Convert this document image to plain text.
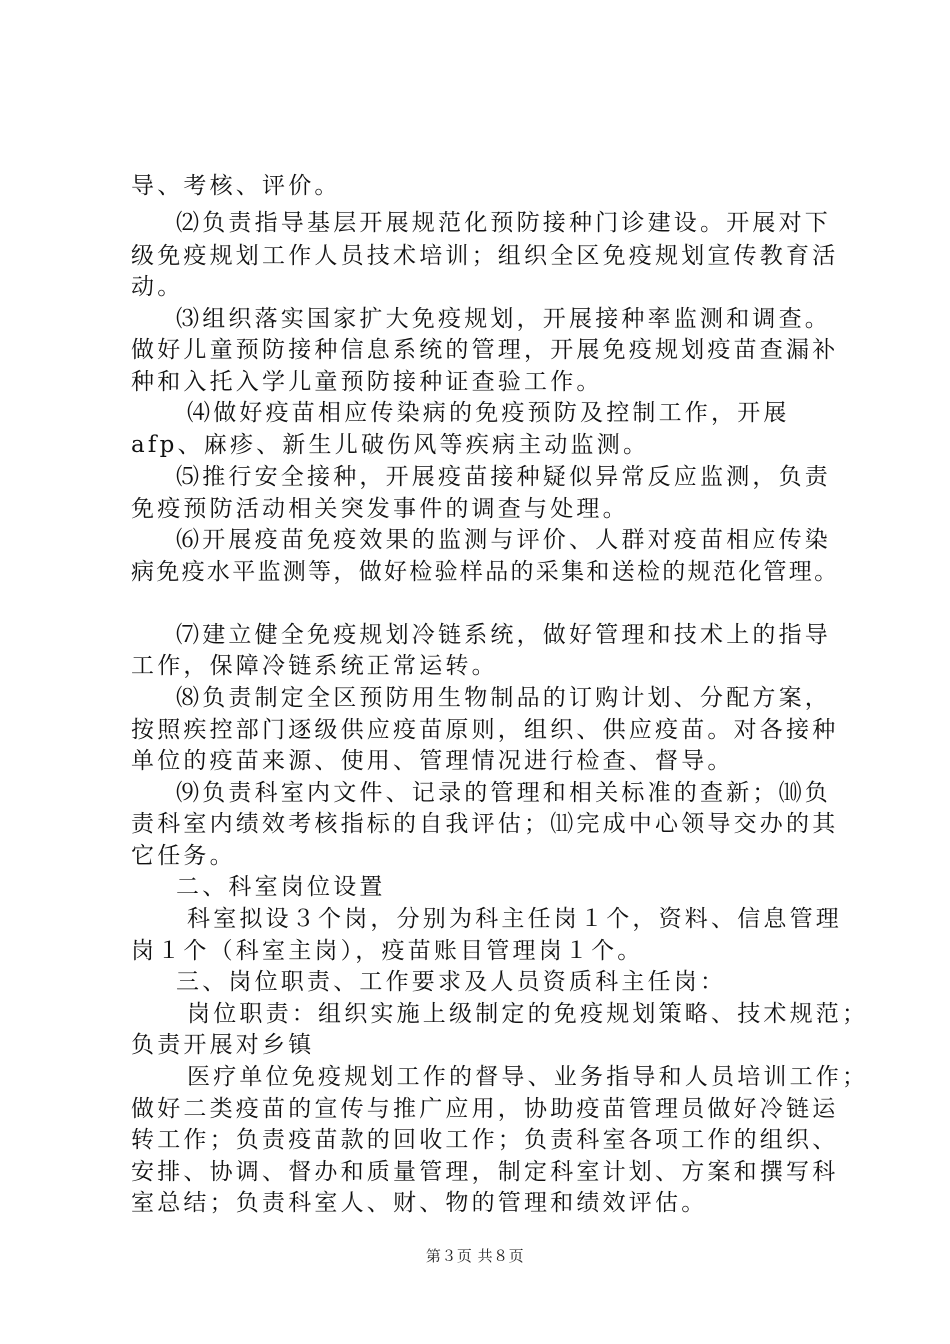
导、考核、评价。
⑵负责指导基层开展规范化预防接种门诊建设。开展对下
级免疫规划工作人员技术培训；组织全区免疫规划宣传教育活
动。
⑶组织落实国家扩大免疫规划，开展接种率监测和调查。
做好儿童预防接种信息系统的管理，开展免疫规划疫苗查漏补
种和入托入学儿童预防接种证查验工作。
⑷做好疫苗相应传染病的免疫预防及控制工作，开展
afp、麻疹、新生儿破伤风等疾病主动监测。
⑸推行安全接种，开展疫苗接种疑似异常反应监测，负责
免疫预防活动相关突发事件的调查与处理。
⑹开展疫苗免疫效果的监测与评价、人群对疫苗相应传染
病免疫水平监测等，做好检验样品的采集和送检的规范化管理。
⑺建立健全免疫规划冷链系统，做好管理和技术上的指导
工作，保障冷链系统正常运转。
⑻负责制定全区预防用生物制品的订购计划、分配方案，
按照疾控部门逐级供应疫苗原则，组织、供应疫苗。对各接种
单位的疫苗来源、使用、管理情况进行检查、督导。
⑼负责科室内文件、记录的管理和相关标准的查新；⑽负
责科室内绩效考核指标的自我评估；⑾完成中心领导交办的其
它任务。
二、科室岗位设置
科室拟设３个岗，分别为科主任岗１个，资料、信息管理
岗１个（科室主岗），疫苗账目管理岗１个。
三、岗位职责、工作要求及人员资质科主任岗：
岗位职责：组织实施上级制定的免疫规划策略、技术规范；
负责开展对乡镇
医疗单位免疫规划工作的督导、业务指导和人员培训工作；
做好二类疫苗的宣传与推广应用，协助疫苗管理员做好冷链运
转工作；负责疫苗款的回收工作；负责科室各项工作的组织、
安排、协调、督办和质量管理，制定科室计划、方案和撰写科
室总结；负责科室人、财、物的管理和绩效评估。
第３页 共８页
